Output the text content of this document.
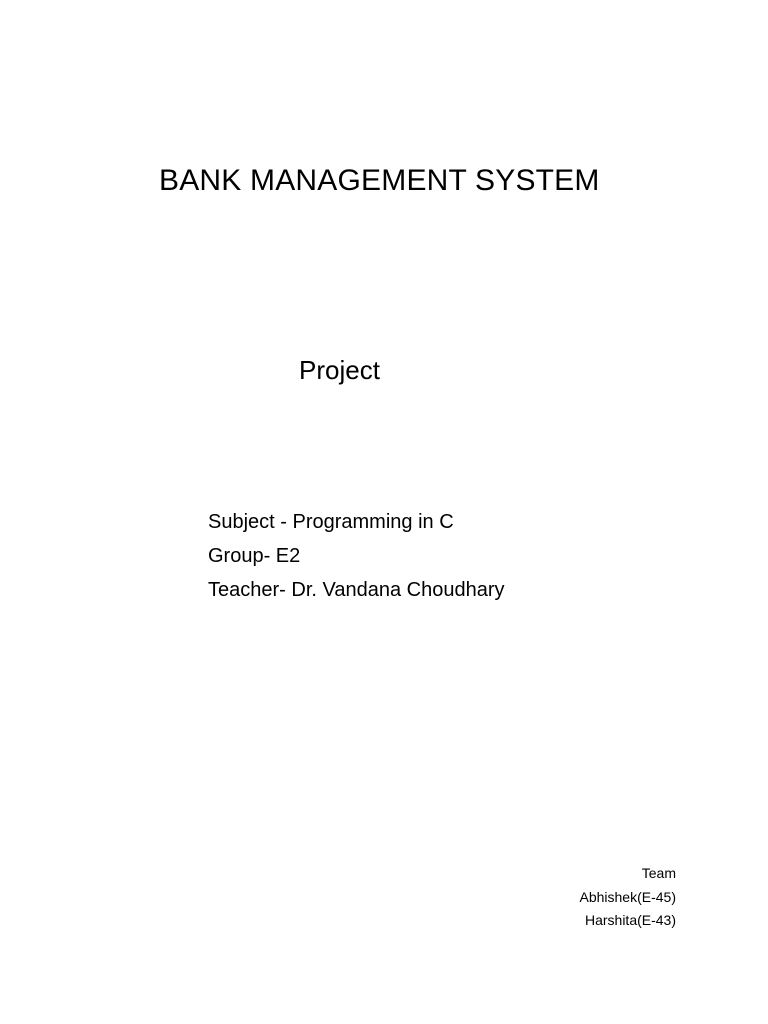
BANK MANAGEMENT SYSTEM
Project
Subject - Programming in C
Group- E2
Teacher- Dr. Vandana Choudhary
Team
Abhishek(E-45)
Harshita(E-43)
